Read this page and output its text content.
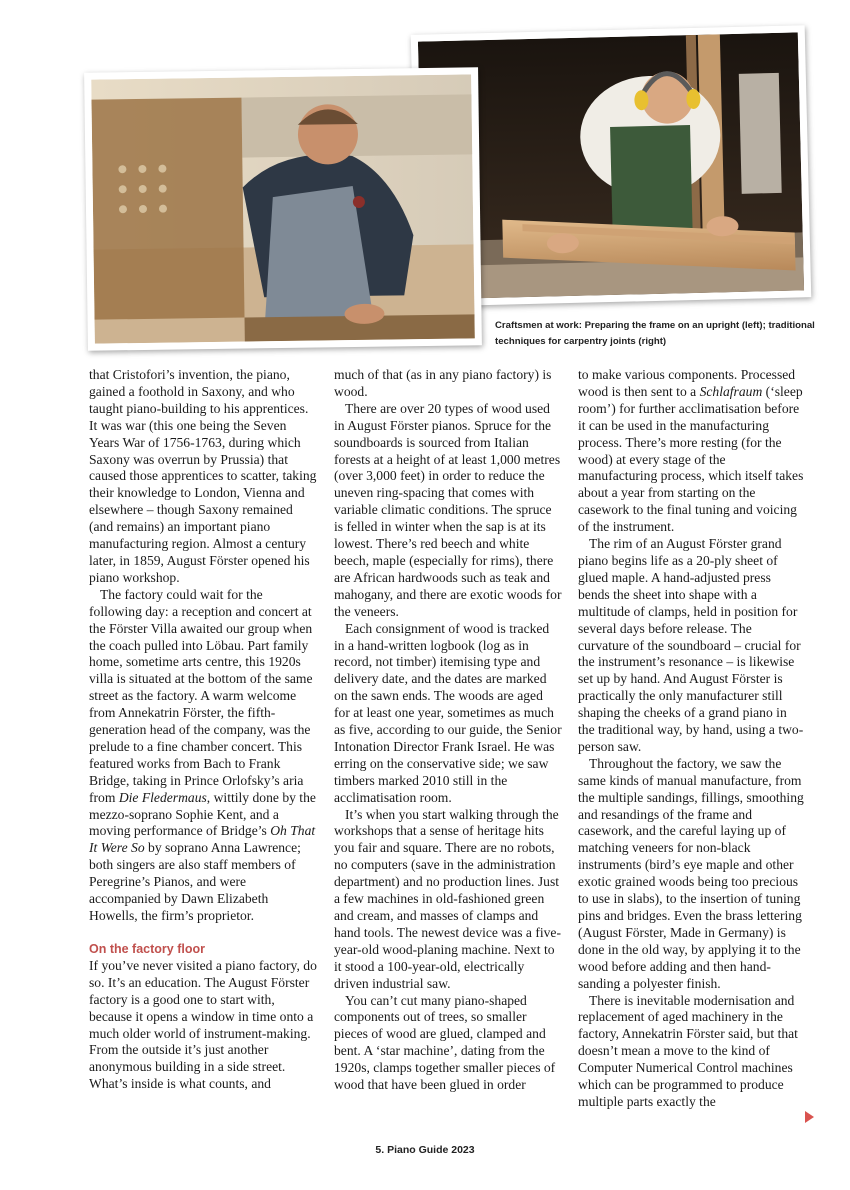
Craftsmen at work: Preparing the frame on an upright (left); traditional techniques for carpentry joints (right)

that Cristofori’s invention, the piano, gained a foothold in Saxony, and who taught piano-building to his apprentices. It was war (this one being the Seven Years War of 1756-1763, during which Saxony was overrun by Prussia) that caused those apprentices to scatter, taking their knowledge to London, Vienna and elsewhere – though Saxony remained (and remains) an important piano manufacturing region. Almost a century later, in 1859, August Förster opened his piano workshop.

The factory could wait for the following day: a reception and concert at the Förster Villa awaited our group when the coach pulled into Löbau. Part family home, sometime arts centre, this 1920s villa is situated at the bottom of the same street as the factory. A warm welcome from Annekatrin Förster, the fifth-generation head of the company, was the prelude to a fine chamber concert. This featured works from Bach to Frank Bridge, taking in Prince Orlofsky’s aria from Die Fledermaus, wittily done by the mezzo-soprano Sophie Kent, and a moving performance of Bridge’s Oh That It Were So by soprano Anna Lawrence; both singers are also staff members of Peregrine’s Pianos, and were accompanied by Dawn Elizabeth Howells, the firm’s proprietor.

On the factory floor

If you’ve never visited a piano factory, do so. It’s an education. The August Förster factory is a good one to start with, because it opens a window in time onto a much older world of instrument-making. From the outside it’s just another anonymous building in a side street. What’s inside is what counts, and

much of that (as in any piano factory) is wood.

There are over 20 types of wood used in August Förster pianos. Spruce for the soundboards is sourced from Italian forests at a height of at least 1,000 metres (over 3,000 feet) in order to reduce the uneven ring-spacing that comes with variable climatic conditions. The spruce is felled in winter when the sap is at its lowest. There’s red beech and white beech, maple (especially for rims), there are African hardwoods such as teak and mahogany, and there are exotic woods for the veneers.

Each consignment of wood is tracked in a hand-written logbook (log as in record, not timber) itemising type and delivery date, and the dates are marked on the sawn ends. The woods are aged for at least one year, sometimes as much as five, according to our guide, the Senior Intonation Director Frank Israel. He was erring on the conservative side; we saw timbers marked 2010 still in the acclimatisation room.

It’s when you start walking through the workshops that a sense of heritage hits you fair and square. There are no robots, no computers (save in the administration department) and no production lines. Just a few machines in old-fashioned green and cream, and masses of clamps and hand tools. The newest device was a five-year-old wood-planing machine. Next to it stood a 100-year-old, electrically driven industrial saw.

You can’t cut many piano-shaped components out of trees, so smaller pieces of wood are glued, clamped and bent. A ‘star machine’, dating from the 1920s, clamps together smaller pieces of wood that have been glued in order

to make various components. Processed wood is then sent to a Schlafraum (‘sleep room’) for further acclimatisation before it can be used in the manufacturing process. There’s more resting (for the wood) at every stage of the manufacturing process, which itself takes about a year from starting on the casework to the final tuning and voicing of the instrument.

The rim of an August Förster grand piano begins life as a 20-ply sheet of glued maple. A hand-adjusted press bends the sheet into shape with a multitude of clamps, held in position for several days before release. The curvature of the soundboard – crucial for the instrument’s resonance – is likewise set up by hand. And August Förster is practically the only manufacturer still shaping the cheeks of a grand piano in the traditional way, by hand, using a two-person saw.

Throughout the factory, we saw the same kinds of manual manufacture, from the multiple sandings, fillings, smoothing and resandings of the frame and casework, and the careful laying up of matching veneers for non-black instruments (bird’s eye maple and other exotic grained woods being too precious to use in slabs), to the insertion of tuning pins and bridges. Even the brass lettering (August Förster, Made in Germany) is done in the old way, by applying it to the wood before adding and then hand-sanding a polyester finish.

There is inevitable modernisation and replacement of aged machinery in the factory, Annekatrin Förster said, but that doesn’t mean a move to the kind of Computer Numerical Control machines which can be programmed to produce multiple parts exactly the

5. Piano Guide 2023
